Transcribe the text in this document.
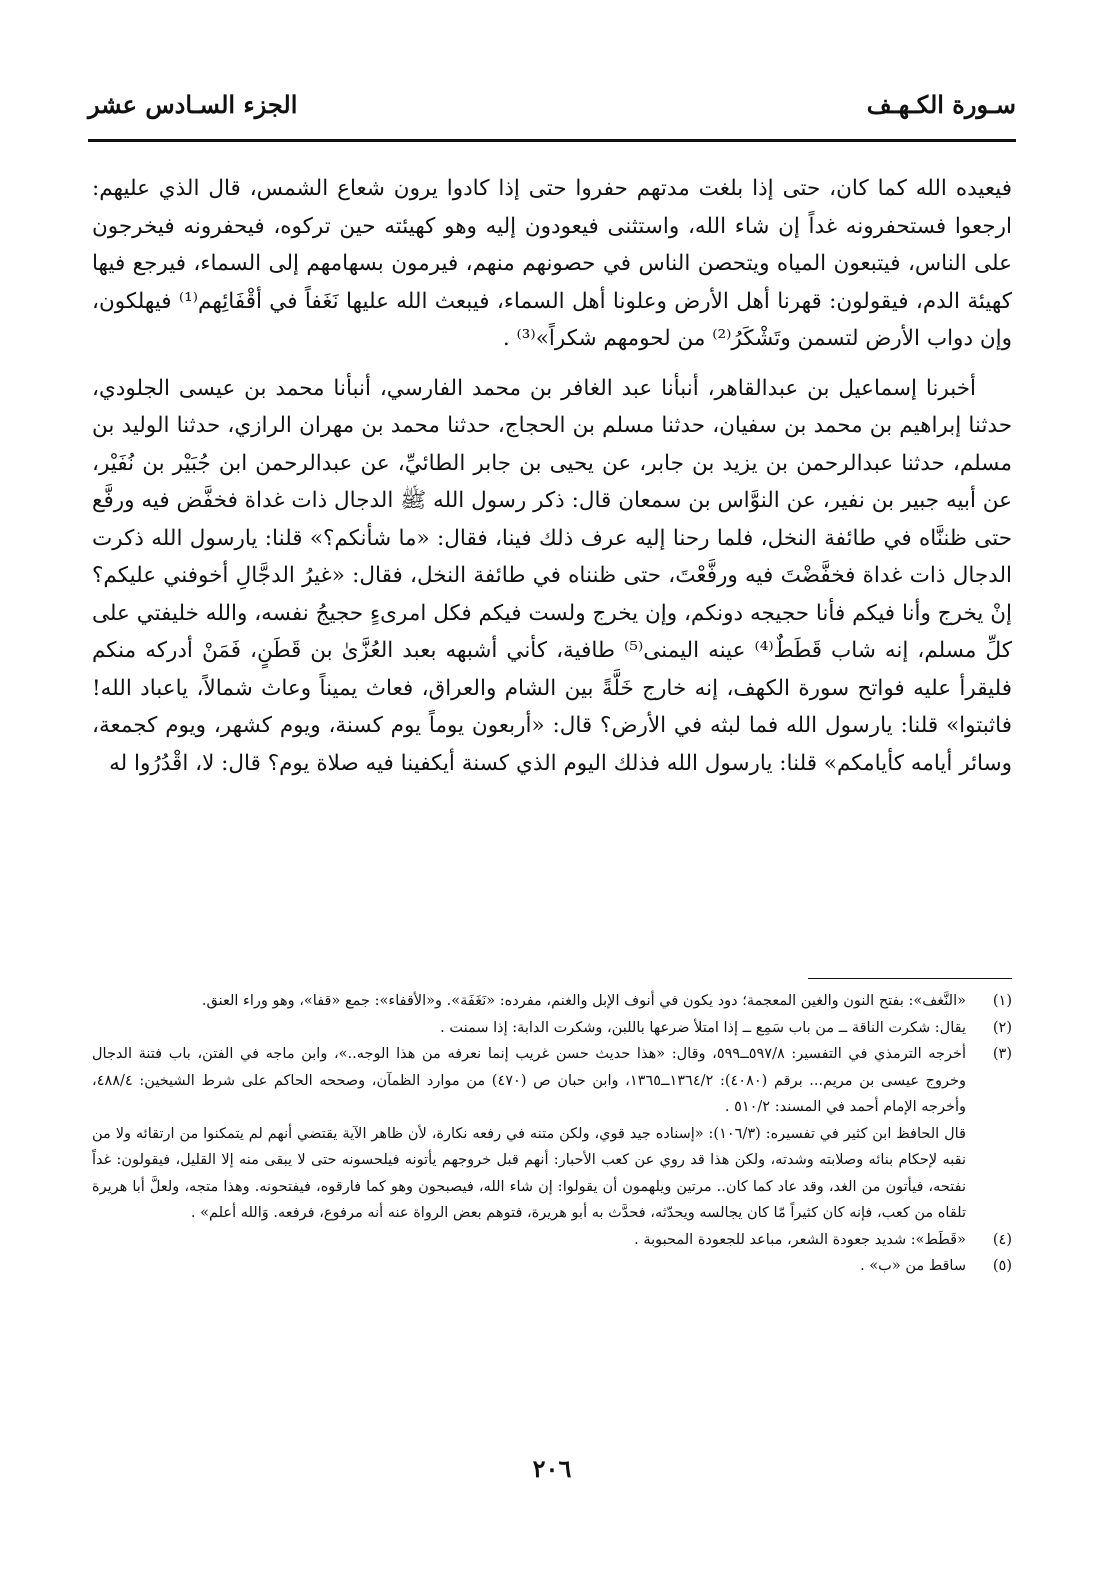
سـورة الكـهـف
الجزء السـادس عشر

فيعيده الله كما كان، حتى إذا بلغت مدتهم حفروا حتى إذا كادوا يرون شعاع الشمس، قال الذي عليهم: ارجعوا فستحفرونه غداً إن شاء الله، واستثنى فيعودون إليه وهو كهيئته حين تركوه، فيحفرونه فيخرجون على الناس، فيتبعون المياه ويتحصن الناس في حصونهم منهم، فيرمون بسهامهم إلى السماء، فيرجع فيها كهيئة الدم، فيقولون: قهرنا أهل الأرض وعلونا أهل السماء، فيبعث الله عليها نَغَفاً في أقْفَائِهم⁽¹⁾ فيهلكون، وإن دواب الأرض لتسمن وتَشْكَرُ⁽²⁾ من لحومهم شكراً»⁽³⁾ .

أخبرنا إسماعيل بن عبدالقاهر، أنبأنا عبد الغافر بن محمد الفارسي، أنبأنا محمد بن عيسى الجلودي، حدثنا إبراهيم بن محمد بن سفيان، حدثنا مسلم بن الحجاج، حدثنا محمد بن مهران الرازي، حدثنا الوليد بن مسلم، حدثنا عبدالرحمن بن يزيد بن جابر، عن يحيى بن جابر الطائيِّ، عن عبدالرحمن ابن جُبَيْر بن نُفَيْر، عن أبيه جبير بن نفير، عن النوَّاس بن سمعان قال: ذكر رسول الله ﷺ الدجال ذات غداة فخفَّض فيه ورفَّع حتى ظننَّاه في طائفة النخل، فلما رحنا إليه عرف ذلك فينا، فقال: «ما شأنكم؟» قلنا: يارسول الله ذكرت الدجال ذات غداة فخفَّضْتَ فيه ورفَّعْتَ، حتى ظنناه في طائفة النخل، فقال: «غيرُ الدجَّالِ أخوفني عليكم؟ إنْ يخرج وأنا فيكم فأنا حجيجه دونكم، وإن يخرج ولست فيكم فكل امرىءٍ حجيجُ نفسه، والله خليفتي على كلِّ مسلم، إنه شاب قَطَطٌ⁽⁴⁾ عينه اليمنى⁽⁵⁾ طافية، كأني أشبهه بعبد العُزَّىٰ بن قَطَنٍ، فَمَنْ أدركه منكم فليقرأ عليه فواتح سورة الكهف، إنه خارج خَلَّةً بين الشام والعراق، فعاث يميناً وعاث شمالاً، ياعباد الله! فاثبتوا» قلنا: يارسول الله فما لبثه في الأرض؟ قال: «أربعون يوماً يوم كسنة، ويوم كشهر، ويوم كجمعة، وسائر أيامه كأيامكم» قلنا: يارسول الله فذلك اليوم الذي كسنة أيكفينا فيه صلاة يوم؟ قال: لا، اقْدُرُوا له

(١)
«النَّغف»: بفتح النون والغين المعجمة؛ دود يكون في أنوف الإبل والغنم، مفرده: «نَغَفَة». و«الأقفاء»: جمع «قفا»، وهو وراء العنق.
(٢)
يقال: شكرت الناقة ــ من باب سَمِع ــ إذا امتلأ ضرعها باللبن، وشكرت الدابة: إذا سمنت .
(٣)
أخرجه الترمذي في التفسير: ٥٩٧/٨ــ٥٩٩، وقال: «هذا حديث حسن غريب إنما نعرفه من هذا الوجه..»، وابن ماجه في الفتن، باب فتنة الدجال وخروج عيسى بن مريم... برقم (٤٠٨٠): ١٣٦٤/٢ــ١٣٦٥، وابن حبان ص (٤٧٠) من موارد الظمآن، وصححه الحاكم على شرط الشيخين: ٤٨٨/٤، وأخرجه الإمام أحمد في المسند: ٥١٠/٢ .
قال الحافظ ابن كثير في تفسيره: (١٠٦/٣): «إسناده جيد قوي، ولكن متنه في رفعه نكارة، لأن ظاهر الآية يقتضي أنهم لم يتمكنوا من ارتقائه ولا من نقبه لإحكام بنائه وصلابته وشدته، ولكن هذا قد روي عن كعب الأحبار: أنهم قبل خروجهم يأتونه فيلحسونه حتى لا يبقى منه إلا القليل، فيقولون: غداً نفتحه، فيأتون من الغد، وقد عاد كما كان.. مرتين ويلهمون أن يقولوا: إن شاء الله، فيصبحون وهو كما فارقوه، فيفتحونه. وهذا متجه، ولعلَّ أبا هريرة تلقاه من كعب، فإنه كان كثيراً مّا كان يجالسه ويحدّثه، فحدَّث به أبو هريرة، فتوهم بعض الرواة عنه أنه مرفوع، فرفعه. وَالله أعلم» .
(٤)
«قَطَط»: شديد جعودة الشعر، مباعد للجعودة المحبوبة .
(٥)
ساقط من «ب» .
٢٠٦
